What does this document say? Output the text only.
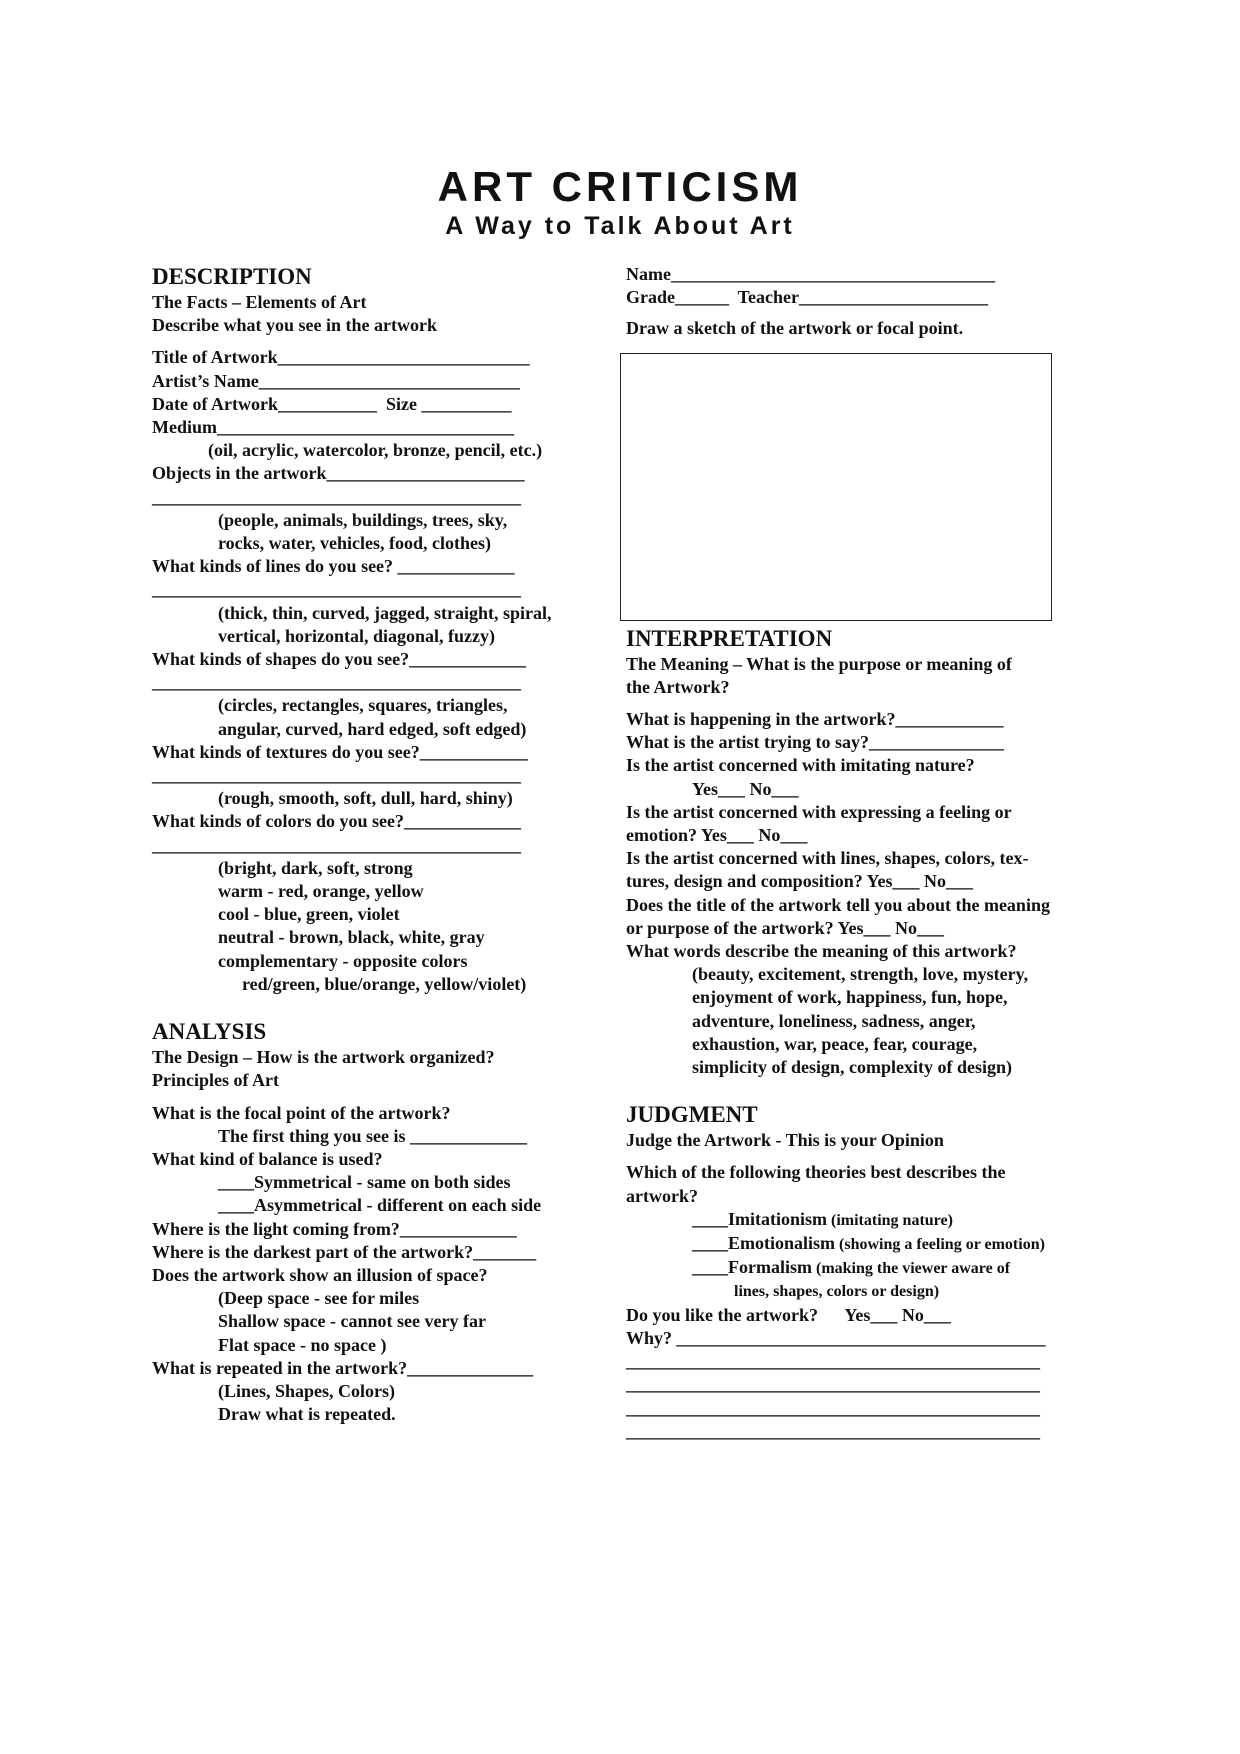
ART CRITICISM
A Way to Talk About Art
DESCRIPTION
The Facts – Elements of Art
Describe what you see in the artwork
Title of Artwork____________________________
Artist’s Name_____________________________
Date of Artwork___________  Size __________
Medium_________________________________
(oil, acrylic, watercolor, bronze, pencil, etc.)
Objects in the artwork______________________
_________________________________________
(people, animals, buildings, trees, sky,
rocks, water, vehicles, food, clothes)
What kinds of lines do you see? _____________
_________________________________________
(thick, thin, curved, jagged, straight, spiral,
vertical, horizontal, diagonal, fuzzy)
What kinds of shapes do you see?_____________
_________________________________________
(circles, rectangles, squares, triangles,
angular, curved, hard edged, soft edged)
What kinds of textures do you see?____________
_________________________________________
(rough, smooth, soft, dull, hard, shiny)
What kinds of colors do you see?_____________
_________________________________________
(bright, dark, soft, strong
warm - red, orange, yellow
cool - blue, green, violet
neutral - brown, black, white, gray
complementary - opposite colors
red/green, blue/orange, yellow/violet)
ANALYSIS
The Design – How is the artwork organized?
Principles of Art
What is the focal point of the artwork?
The first thing you see is _____________
What kind of balance is used?
____Symmetrical - same on both sides
____Asymmetrical - different on each side
Where is the light coming from?_____________
Where is the darkest part of the artwork?_______
Does the artwork show an illusion of space?
(Deep space - see for miles
Shallow space - cannot see very far
Flat space - no space )
What is repeated in the artwork?______________
(Lines, Shapes, Colors)
Draw what is repeated.
Name____________________________________
Grade______  Teacher_____________________
Draw a sketch of the artwork or focal point.
INTERPRETATION
The Meaning – What is the purpose or meaning of
the Artwork?
What is happening in the artwork?____________
What is the artist trying to say?_______________
Is the artist concerned with imitating nature?
Yes___ No___
Is the artist concerned with expressing a feeling or
emotion? Yes___ No___
Is the artist concerned with lines, shapes, colors, tex-
tures, design and composition? Yes___ No___
Does the title of the artwork tell you about the meaning
or purpose of the artwork? Yes___ No___
What words describe the meaning of this artwork?
(beauty, excitement, strength, love, mystery,
enjoyment of work, happiness, fun, hope,
adventure, loneliness, sadness, anger,
exhaustion, war, peace, fear, courage,
simplicity of design, complexity of design)
JUDGMENT
Judge the Artwork - This is your Opinion
Which of the following theories best describes the
artwork?
____Imitationism (imitating nature)
____Emotionalism (showing a feeling or emotion)
____Formalism (making the viewer aware of
lines, shapes, colors or design)
Do you like the artwork?      Yes___ No___
Why? _________________________________________
______________________________________________
______________________________________________
______________________________________________
______________________________________________
